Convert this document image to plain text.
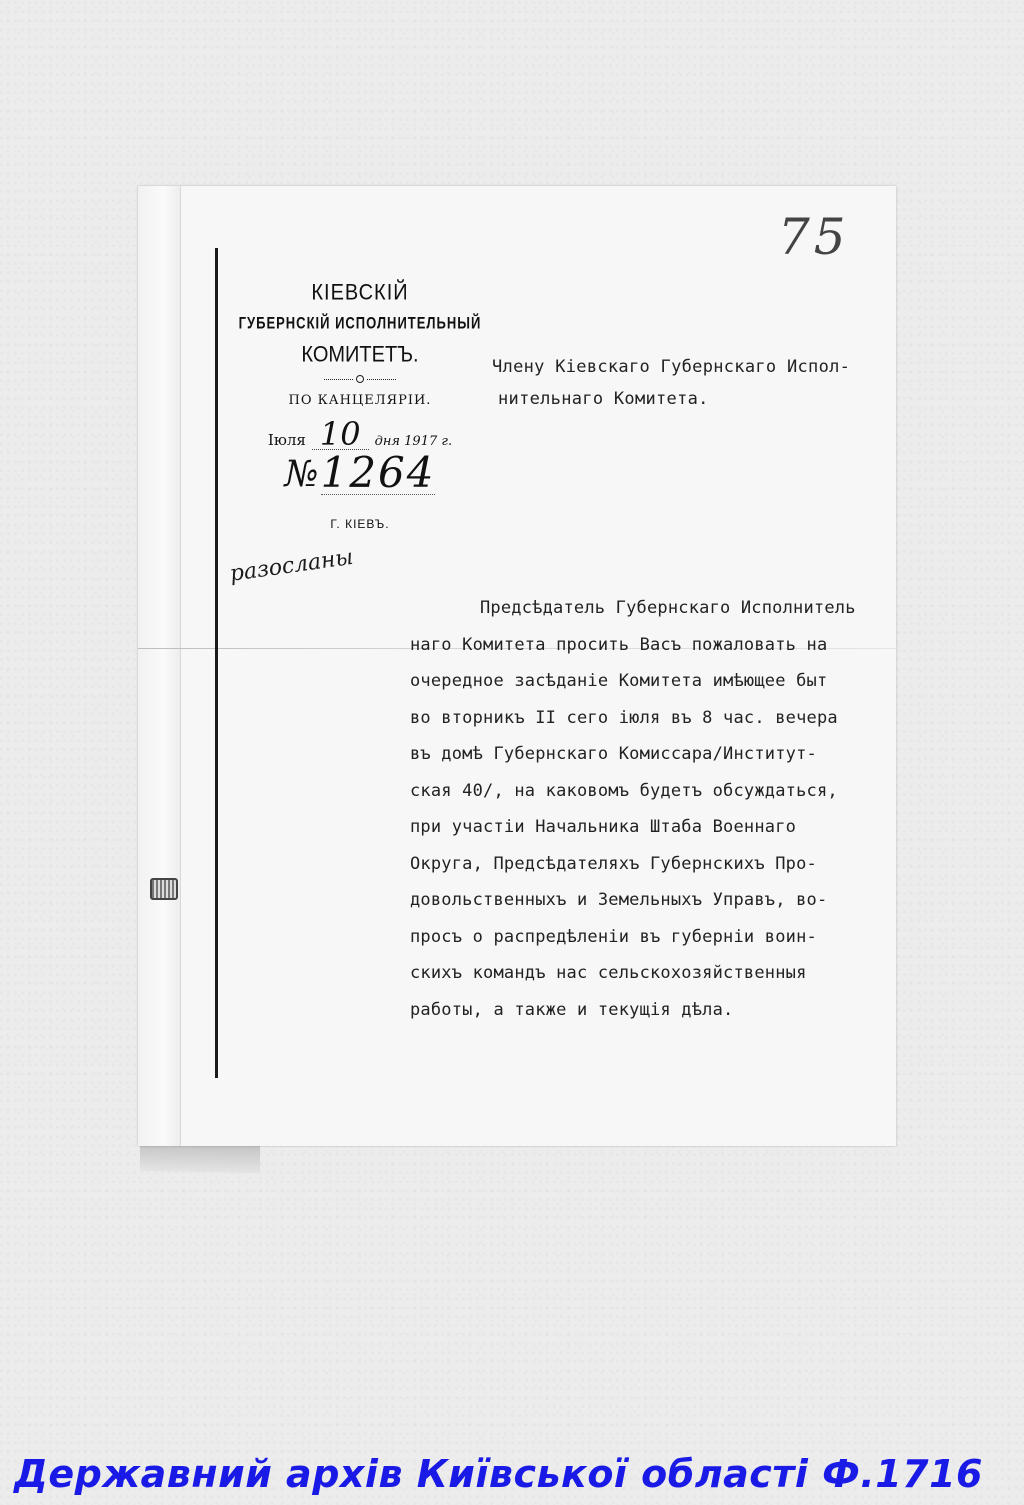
75
КІЕВСКІЙ
ГУБЕРНСКІЙ ИСПОЛНИТЕЛЬНЫЙ
КОМИТЕТЪ.
ПО КАНЦЕЛЯРІИ.
Іюля 10	дня 1917 г.
№ 1264
Г. КІЕВЪ.
разосланы
Члену Кіевскаго Губернскаго Испол-
нительнаго Комитета.
Предсѣдатель Губернскаго Исполнитель
наго Комитета просить Васъ пожаловать на
очередное засѣданіе Комитета имѣющее быт
во вторникъ II сего іюля въ 8 час. вечера
въ домѣ Губернскаго Комиссара/Институт-
ская 40/, на каковомъ будетъ обсуждаться,
при участіи Начальника Штаба Военнаго
Округа, Предсѣдателяхъ Губернскихъ Про-
довольственныхъ и Земельныхъ Управъ, во-
просъ о распредѣленіи въ губерніи воин-
скихъ командъ нас сельскохозяйственныя
работы, а также и текущія дѣла.
Державний архів Київської області Ф.1716
